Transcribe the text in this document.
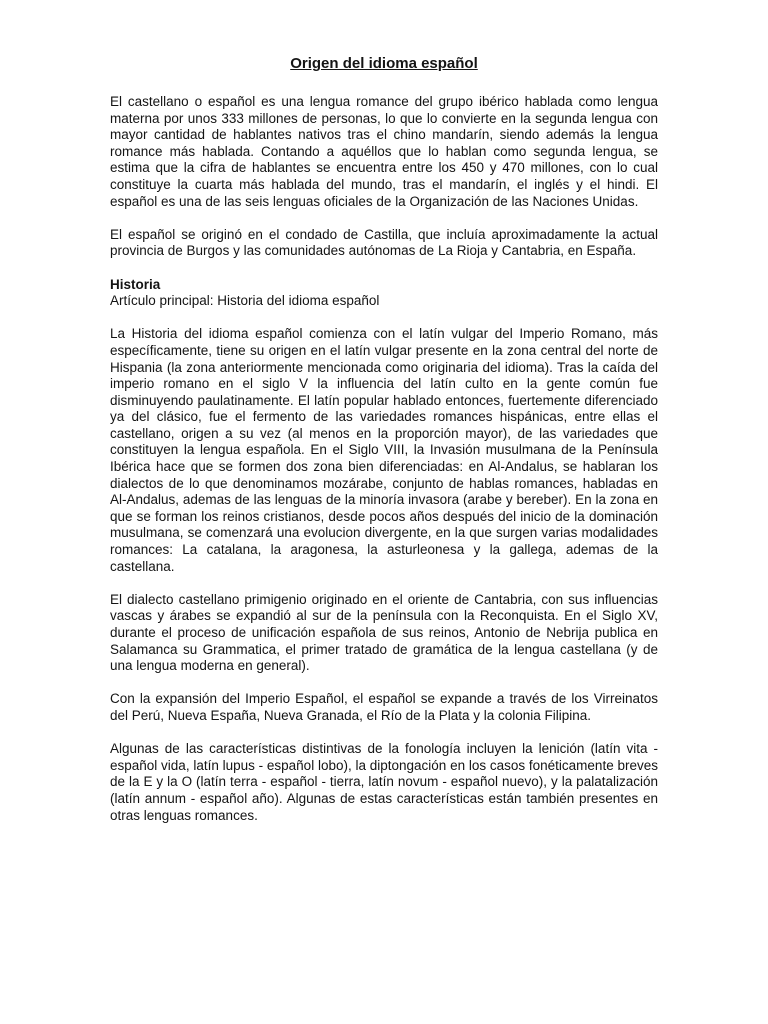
Origen del idioma español

El castellano o español es una lengua romance del grupo ibérico hablada como lengua materna por unos 333 millones de personas, lo que lo convierte en la segunda lengua con mayor cantidad de hablantes nativos tras el chino mandarín, siendo además la lengua romance más hablada. Contando a aquéllos que lo hablan como segunda lengua, se estima que la cifra de hablantes se encuentra entre los 450 y 470 millones, con lo cual constituye la cuarta más hablada del mundo, tras el mandarín, el inglés y el hindi. El español es una de las seis lenguas oficiales de la Organización de las Naciones Unidas.

El español se originó en el condado de Castilla, que incluía aproximadamente la actual provincia de Burgos y las comunidades autónomas de La Rioja y Cantabria, en España.

Historia
Artículo principal: Historia del idioma español

La Historia del idioma español comienza con el latín vulgar del Imperio Romano, más específicamente, tiene su origen en el latín vulgar presente en la zona central del norte de Hispania (la zona anteriormente mencionada como originaria del idioma). Tras la caída del imperio romano en el siglo V la influencia del latín culto en la gente común fue disminuyendo paulatinamente. El latín popular hablado entonces, fuertemente diferenciado ya del clásico, fue el fermento de las variedades romances hispánicas, entre ellas el castellano, origen a su vez (al menos en la proporción mayor), de las variedades que constituyen la lengua española. En el Siglo VIII, la Invasión musulmana de la Península Ibérica hace que se formen dos zona bien diferenciadas: en Al-Andalus, se hablaran los dialectos de lo que denominamos mozárabe, conjunto de hablas romances, habladas en Al-Andalus, ademas de las lenguas de la minoría invasora (arabe y bereber). En la zona en que se forman los reinos cristianos, desde pocos años después del inicio de la dominación musulmana, se comenzará una evolucion divergente, en la que surgen varias modalidades romances: La catalana, la aragonesa, la asturleonesa y la gallega, ademas de la castellana.

El dialecto castellano primigenio originado en el oriente de Cantabria, con sus influencias vascas y árabes se expandió al sur de la península con la Reconquista. En el Siglo XV, durante el proceso de unificación española de sus reinos, Antonio de Nebrija publica en Salamanca su Grammatica, el primer tratado de gramática de la lengua castellana (y de una lengua moderna en general).

Con la expansión del Imperio Español, el español se expande a través de los Virreinatos del Perú, Nueva España, Nueva Granada, el Río de la Plata y la colonia Filipina.

Algunas de las características distintivas de la fonología incluyen la lenición (latín vita - español vida, latín lupus - español lobo), la diptongación en los casos fonéticamente breves de la E y la O (latín terra - español - tierra, latín novum - español nuevo), y la palatalización (latín annum - español año). Algunas de estas características están también presentes en otras lenguas romances.
